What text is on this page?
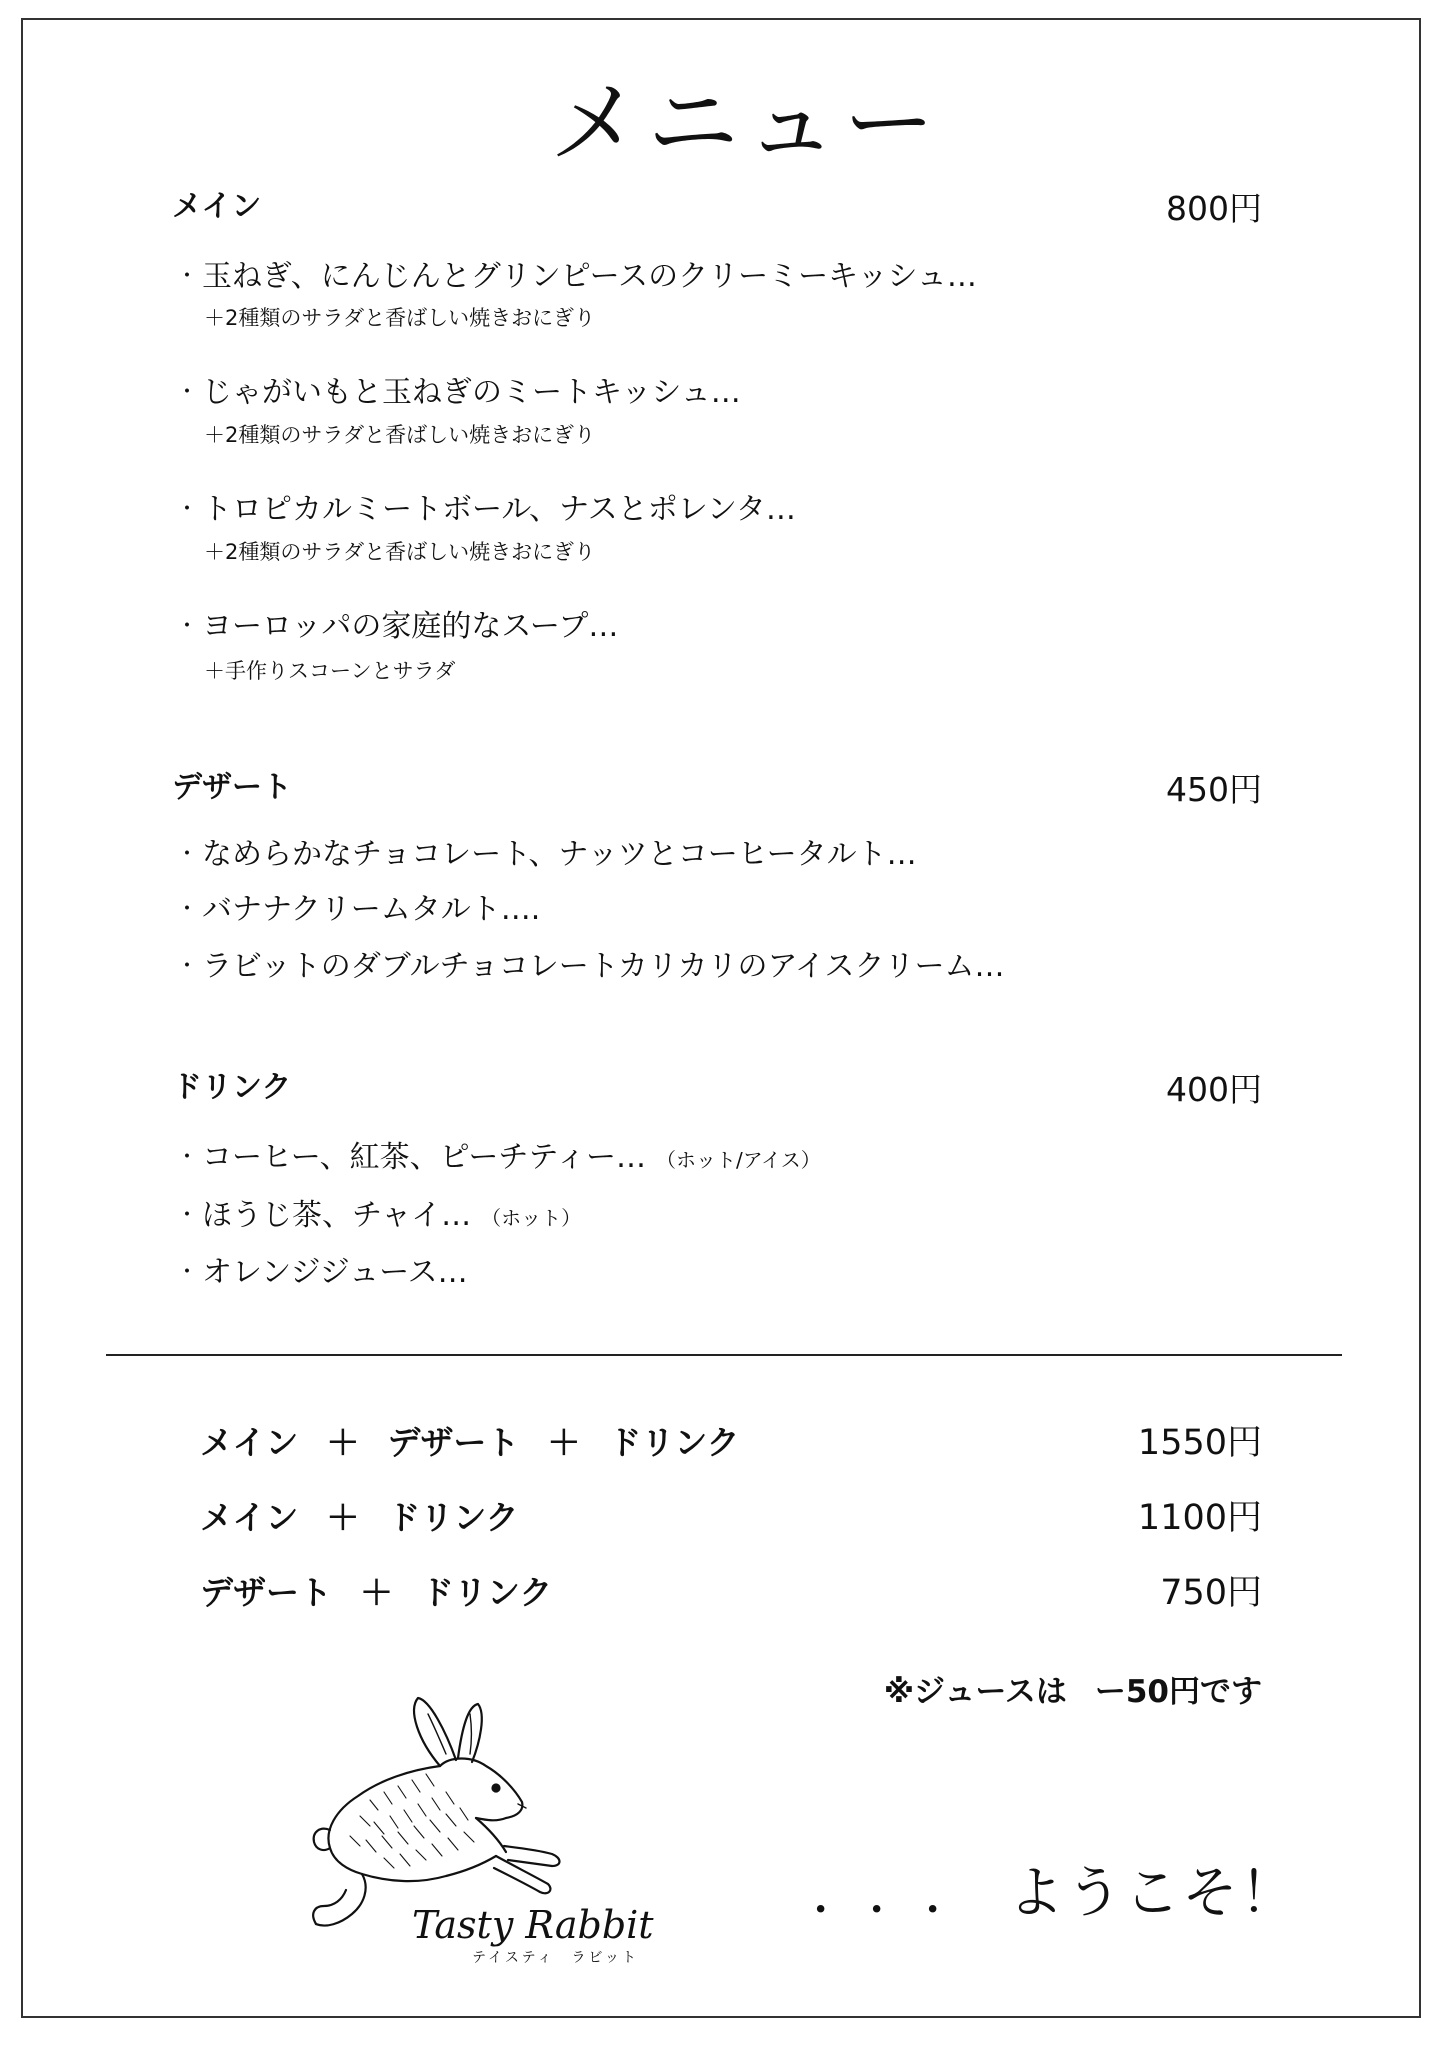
メニュー
メイン	800円
・ 玉ねぎ、にんじんとグリンピースのクリーミーキッシュ…
＋2種類のサラダと香ばしい焼きおにぎり
・ じゃがいもと玉ねぎのミートキッシュ…
＋2種類のサラダと香ばしい焼きおにぎり
・ トロピカルミートボール、ナスとポレンタ…
＋2種類のサラダと香ばしい焼きおにぎり
・ ヨーロッパの家庭的なスープ…
＋手作りスコーンとサラダ
デザート	450円
・ なめらかなチョコレート、ナッツとコーヒータルト…
・ バナナクリームタルト….
・ ラビットのダブルチョコレートカリカリのアイスクリーム…
ドリンク	400円
・ コーヒー、紅茶、ピーチティー… （ホット/アイス）
・ ほうじ茶、チャイ… （ホット）
・ オレンジジュース…
メイン ＋ デザート ＋ ドリンク	1550円
メイン ＋ ドリンク	1100円
デザート ＋ ドリンク	750円
※ジュースは ー50円です
Tasty Rabbit
テイスティ　ラビット
．．．ようこそ！
